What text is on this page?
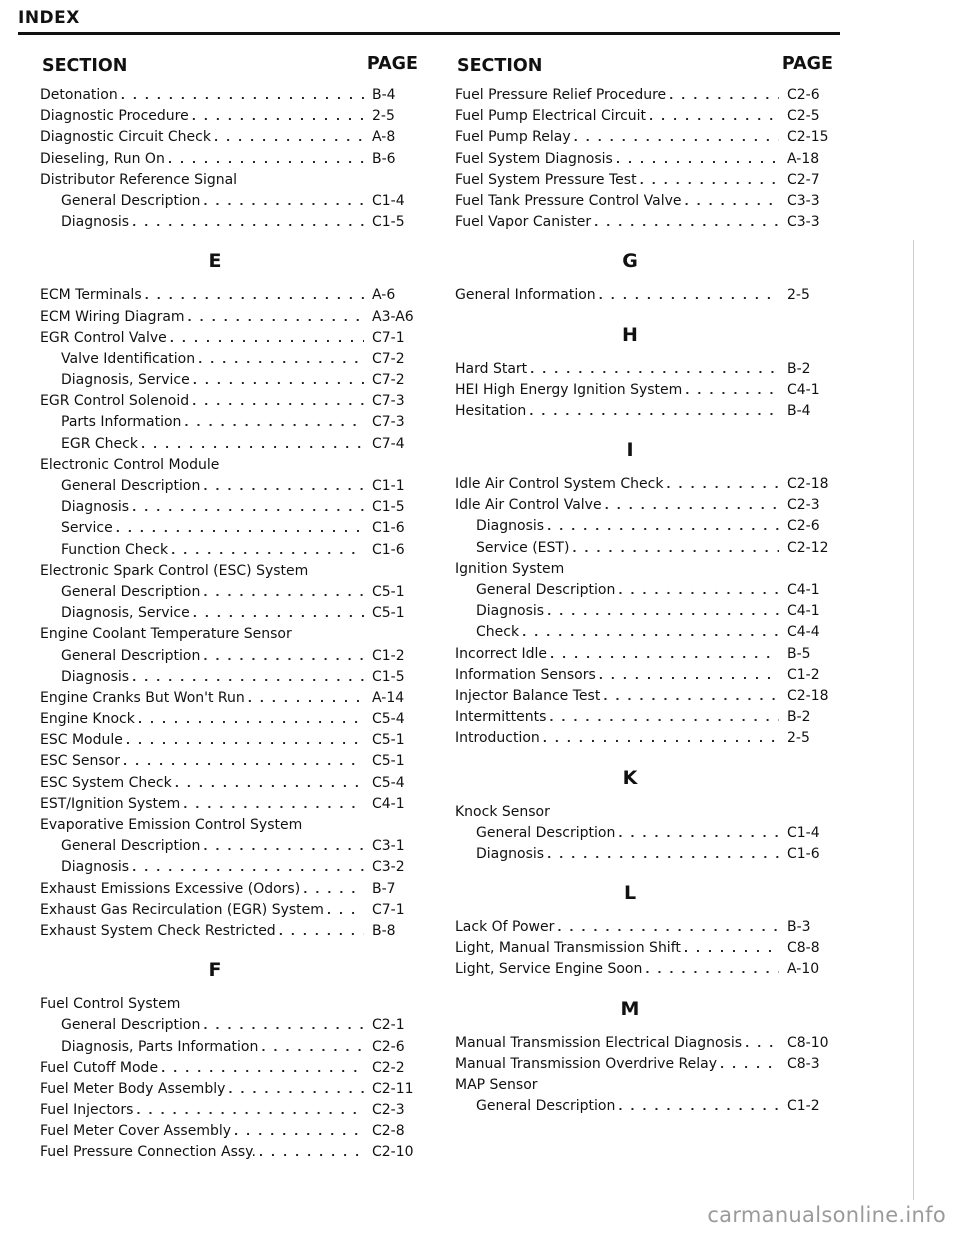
INDEX
SECTION	PAGE
Detonation . . .	B-4
Diagnostic Procedure . . .	2-5
Diagnostic Circuit Check . . .	A-8
Dieseling, Run On . . .	B-6
Distributor Reference Signal
General Description . . .	C1-4
Diagnosis . . .	C1-5
E
ECM Terminals . . .	A-6
ECM Wiring Diagram . . .	A3-A6
EGR Control Valve . . .	C7-1
Valve Identification . . .	C7-2
Diagnosis, Service . . .	C7-2
EGR Control Solenoid . . .	C7-3
Parts Information . . .	C7-3
EGR Check . . .	C7-4
Electronic Control Module
General Description . . .	C1-1
Diagnosis . . .	C1-5
Service . . .	C1-6
Function Check . . .	C1-6
Electronic Spark Control (ESC) System
General Description . . .	C5-1
Diagnosis, Service . . .	C5-1
Engine Coolant Temperature Sensor
General Description . . .	C1-2
Diagnosis . . .	C1-5
Engine Cranks But Won't Run . . .	A-14
Engine Knock . . .	C5-4
ESC Module . . .	C5-1
ESC Sensor . . .	C5-1
ESC System Check . . .	C5-4
EST/Ignition System . . .	C4-1
Evaporative Emission Control System
General Description . . .	C3-1
Diagnosis . . .	C3-2
Exhaust Emissions Excessive (Odors) . . .	B-7
Exhaust Gas Recirculation (EGR) System . . .	C7-1
Exhaust System Check Restricted . . .	B-8
F
Fuel Control System
General Description . . .	C2-1
Diagnosis, Parts Information . . .	C2-6
Fuel Cutoff Mode . . .	C2-2
Fuel Meter Body Assembly . . .	C2-11
Fuel Injectors . . .	C2-3
Fuel Meter Cover Assembly . . .	C2-8
Fuel Pressure Connection Assy. . . .	C2-10
SECTION	PAGE
Fuel Pressure Relief Procedure . . .	C2-6
Fuel Pump Electrical Circuit . . .	C2-5
Fuel Pump Relay . . .	C2-15
Fuel System Diagnosis . . .	A-18
Fuel System Pressure Test . . .	C2-7
Fuel Tank Pressure Control Valve . . .	C3-3
Fuel Vapor Canister . . .	C3-3
G
General Information . . .	2-5
H
Hard Start . . .	B-2
HEI High Energy Ignition System . . .	C4-1
Hesitation . . .	B-4
I
Idle Air Control System Check . . .	C2-18
Idle Air Control Valve . . .	C2-3
Diagnosis . . .	C2-6
Service (EST) . . .	C2-12
Ignition System
General Description . . .	C4-1
Diagnosis . . .	C4-1
Check . . .	C4-4
Incorrect Idle . . .	B-5
Information Sensors . . .	C1-2
Injector Balance Test . . .	C2-18
Intermittents . . .	B-2
Introduction . . .	2-5
K
Knock Sensor
General Description . . .	C1-4
Diagnosis . . .	C1-6
L
Lack Of Power . . .	B-3
Light, Manual Transmission Shift . . .	C8-8
Light, Service Engine Soon . . .	A-10
M
Manual Transmission Electrical Diagnosis . . .	C8-10
Manual Transmission Overdrive Relay . . .	C8-3
MAP Sensor
General Description . . .	C1-2
carmanualsonline.info
